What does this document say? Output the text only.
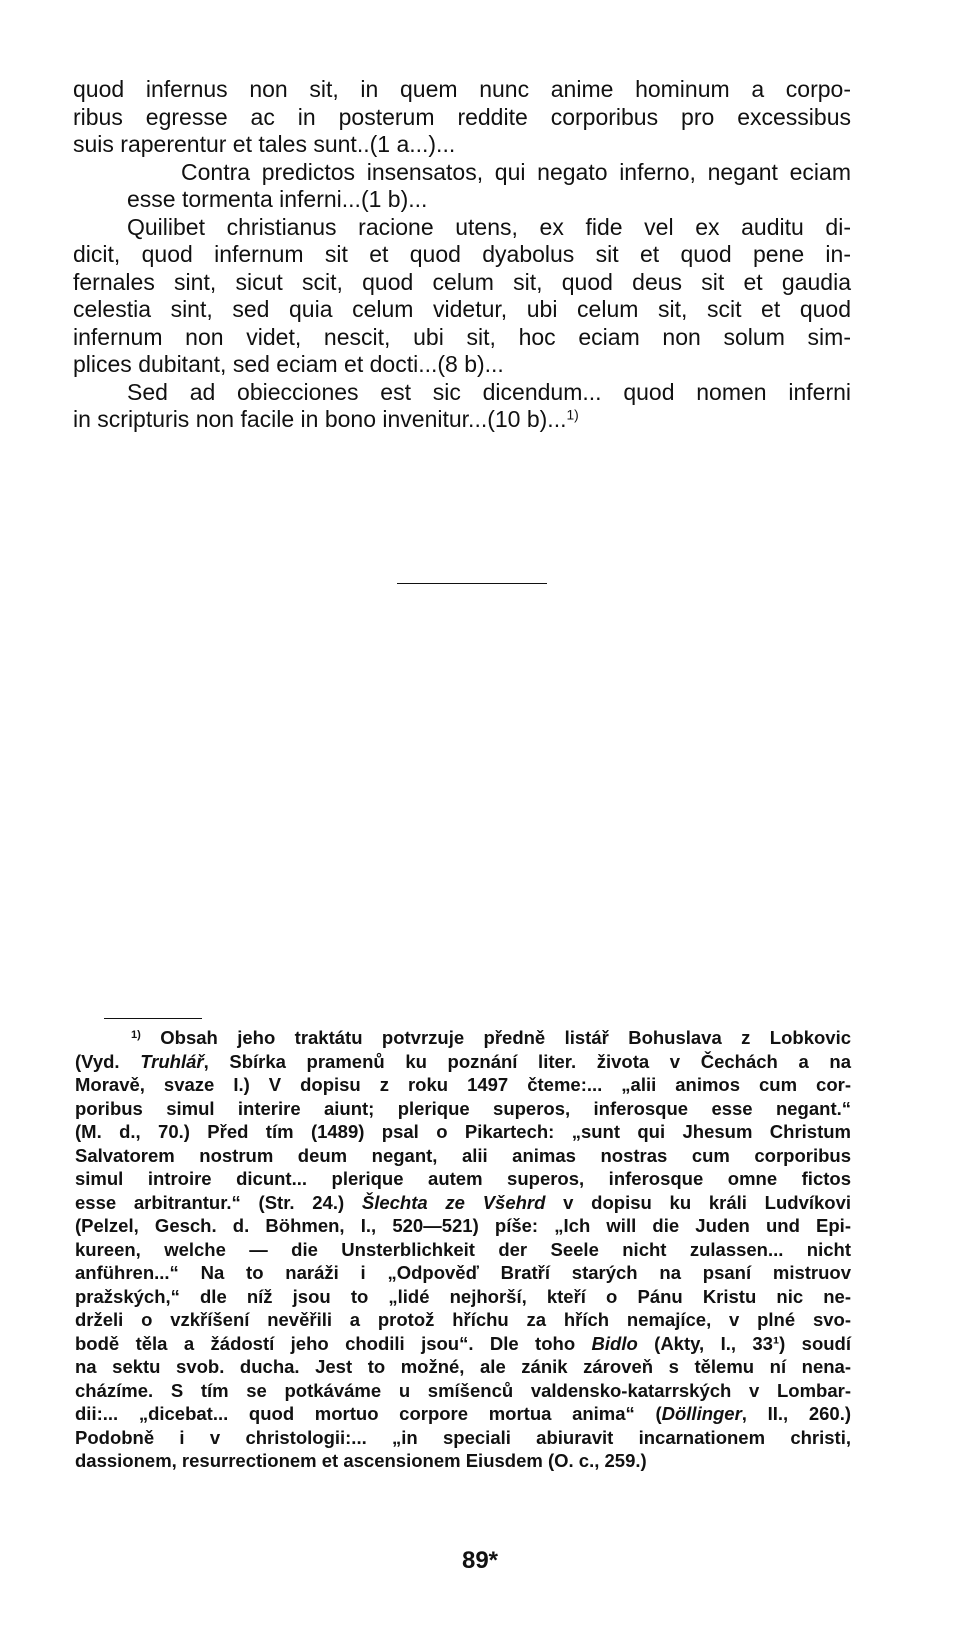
quod infernus non sit, in quem nunc anime hominum a corpo-
ribus egresse ac in posterum reddite corporibus pro excessibus
suis raperentur et tales sunt..(1 a...)...

Contra predictos insensatos, qui negato inferno, negant eciam
esse tormenta inferni...(1 b)...

Quilibet christianus racione utens, ex fide vel ex auditu di-
dicit, quod infernum sit et quod dyabolus sit et quod pene in-
fernales sint, sicut scit, quod celum sit, quod deus sit et gaudia
celestia sint, sed quia celum videtur, ubi celum sit, scit et quod
infernum non videt, nescit, ubi sit, hoc eciam non solum sim-
plices dubitant, sed eciam et docti...(8 b)...

Sed ad obiecciones est sic dicendum... quod nomen inferni
in scripturis non facile in bono invenitur...(10 b)...$^{1)}$

$^{1)}$ Obsah jeho traktátu potvrzuje předně listář Bohuslava z Lobkovic
(Vyd. Truhlář, Sbírka pramenů ku poznání liter. života v Čechách a na
Moravě, svaze I.) V dopisu z roku 1497 čteme:... „alii animos cum cor-
poribus simul interire aiunt; plerique superos, inferosque esse negant.“
(M. d., 70.) Před tím (1489) psal o Pikartech: „sunt qui Jhesum Christum
Salvatorem nostrum deum negant, alii animas nostras cum corporibus
simul introire dicunt... plerique autem superos, inferosque omne fictos
esse arbitrantur.“ (Str. 24.) Šlechta ze Všehrd v dopisu ku králi Ludvíkovi
(Pelzel, Gesch. d. Böhmen, I., 520—521) píše: „Ich will die Juden und Epi-
kureen, welche — die Unsterblichkeit der Seele nicht zulassen... nicht
anführen...“ Na to naráži i „Odpověď Bratří starých na psaní mistruov
pražských,“ dle níž jsou to „lidé nejhorší, kteří o Pánu Kristu nic ne-
drželi o vzkříšení nevěřili a protož hříchu za hřích nemajíce, v plné svo-
bodě těla a žádostí jeho chodili jsou“. Dle toho Bidlo (Akty, I., 33¹) soudí
na sektu svob. ducha. Jest to možné, ale zánik zároveň s tělemu ní nena-
cházíme. S tím se potkáváme u smíšenců valdensko-katarrských v Lombar-
dii:... „dicebat... quod mortuo corpore mortua anima“ (Döllinger, II., 260.)
Podobně i v christologii:... „in speciali abiuravit incarnationem christi,
dassionem, resurrectionem et ascensionem Eiusdem (O. c., 259.)
89*
